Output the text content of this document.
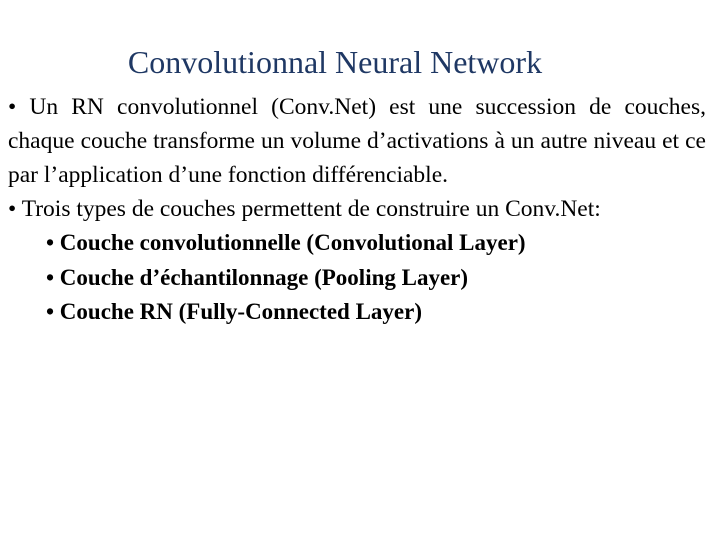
Convolutionnal Neural Network

• Un RN convolutionnel (Conv.Net) est une succession de couches, chaque couche transforme un volume d’activations à un autre niveau et ce par l’application d’une fonction différenciable.

• Trois types de couches permettent de construire un Conv.Net:

• Couche convolutionnelle (Convolutional Layer)
• Couche d’échantilonnage (Pooling Layer)
• Couche RN (Fully-Connected Layer)
